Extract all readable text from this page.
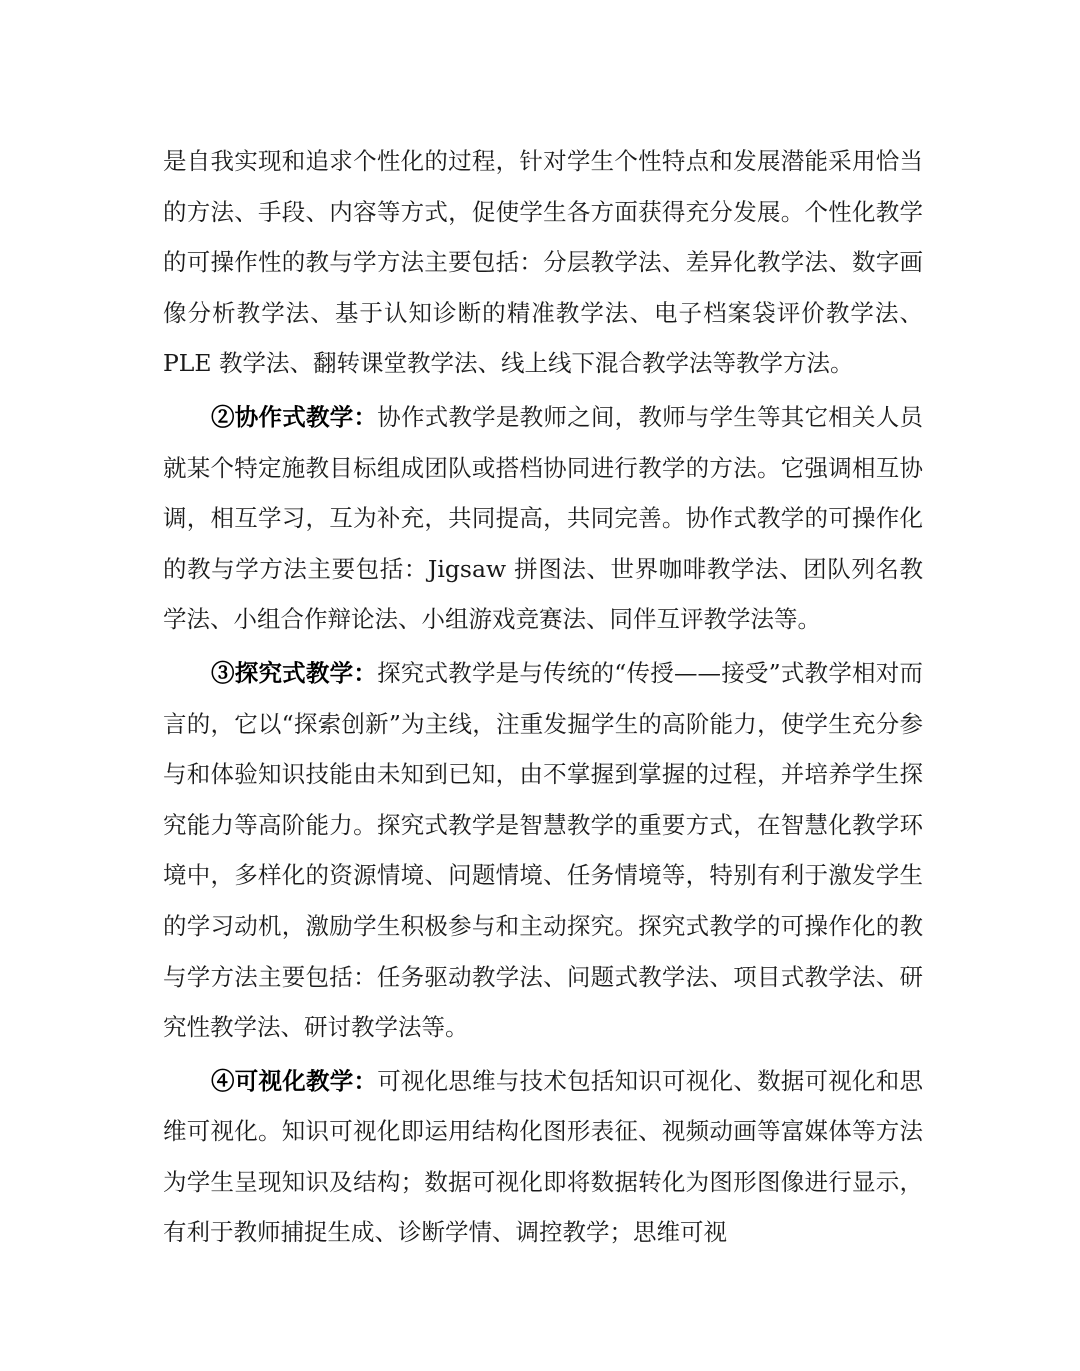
是自我实现和追求个性化的过程，针对学生个性特点和发展潜能采用恰当的方法、手段、内容等方式，促使学生各方面获得充分发展。个性化教学的可操作性的教与学方法主要包括：分层教学法、差异化教学法、数字画像分析教学法、基于认知诊断的精准教学法、电子档案袋评价教学法、PLE 教学法、翻转课堂教学法、线上线下混合教学法等教学方法。

②协作式教学：协作式教学是教师之间，教师与学生等其它相关人员就某个特定施教目标组成团队或搭档协同进行教学的方法。它强调相互协调，相互学习，互为补充，共同提高，共同完善。协作式教学的可操作化的教与学方法主要包括：Jigsaw 拼图法、世界咖啡教学法、团队列名教学法、小组合作辩论法、小组游戏竞赛法、同伴互评教学法等。

③探究式教学：探究式教学是与传统的“传授——接受”式教学相对而言的，它以“探索创新”为主线，注重发掘学生的高阶能力，使学生充分参与和体验知识技能由未知到已知，由不掌握到掌握的过程，并培养学生探究能力等高阶能力。探究式教学是智慧教学的重要方式，在智慧化教学环境中，多样化的资源情境、问题情境、任务情境等，特别有利于激发学生的学习动机，激励学生积极参与和主动探究。探究式教学的可操作化的教与学方法主要包括：任务驱动教学法、问题式教学法、项目式教学法、研究性教学法、研讨教学法等。

④可视化教学：可视化思维与技术包括知识可视化、数据可视化和思维可视化。知识可视化即运用结构化图形表征、视频动画等富媒体等方法为学生呈现知识及结构；数据可视化即将数据转化为图形图像进行显示，有利于教师捕捉生成、诊断学情、调控教学；思维可视
